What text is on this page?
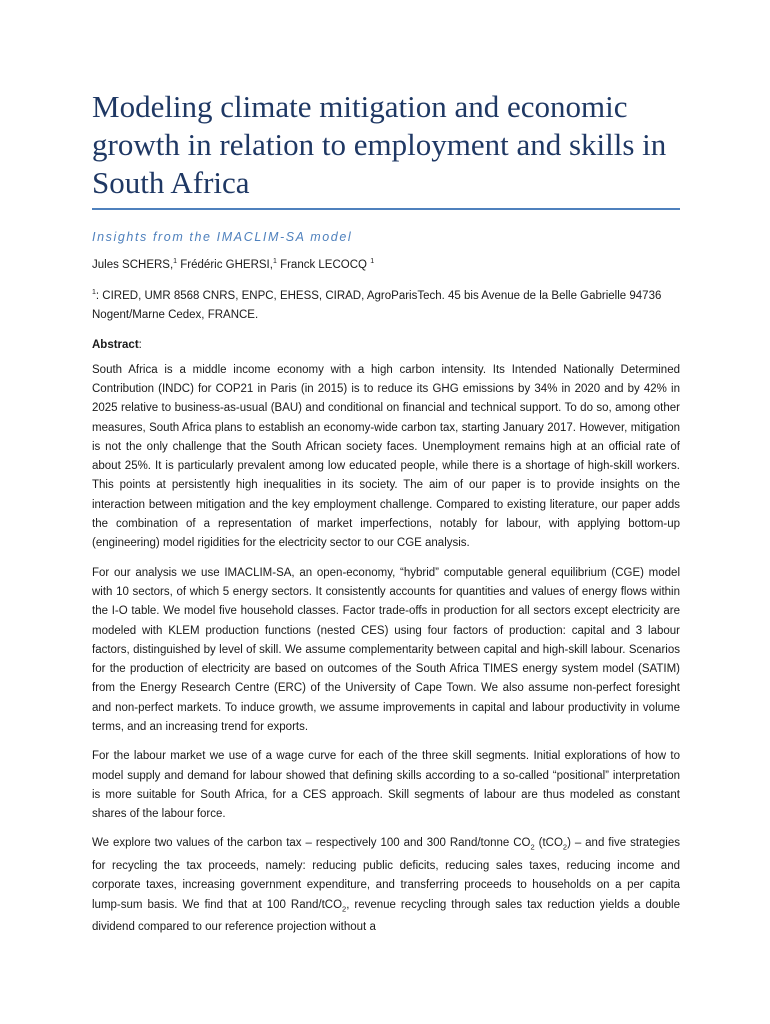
Modeling climate mitigation and economic growth in relation to employment and skills in South Africa

Insights from the IMACLIM-SA model

Jules SCHERS,$^1$ Frédéric GHERSI,$^1$ Franck LECOCQ $^1$

$^1$: CIRED, UMR 8568 CNRS, ENPC, EHESS, CIRAD, AgroParisTech. 45 bis Avenue de la Belle Gabrielle 94736 Nogent/Marne Cedex, FRANCE.

Abstract:

South Africa is a middle income economy with a high carbon intensity. Its Intended Nationally Determined Contribution (INDC) for COP21 in Paris (in 2015) is to reduce its GHG emissions by 34% in 2020 and by 42% in 2025 relative to business-as-usual (BAU) and conditional on financial and technical support. To do so, among other measures, South Africa plans to establish an economy-wide carbon tax, starting January 2017. However, mitigation is not the only challenge that the South African society faces. Unemployment remains high at an official rate of about 25%. It is particularly prevalent among low educated people, while there is a shortage of high-skill workers. This points at persistently high inequalities in its society. The aim of our paper is to provide insights on the interaction between mitigation and the key employment challenge. Compared to existing literature, our paper adds the combination of a representation of market imperfections, notably for labour, with applying bottom-up (engineering) model rigidities for the electricity sector to our CGE analysis.

For our analysis we use IMACLIM-SA, an open-economy, “hybrid” computable general equilibrium (CGE) model with 10 sectors, of which 5 energy sectors. It consistently accounts for quantities and values of energy flows within the I-O table. We model five household classes. Factor trade-offs in production for all sectors except electricity are modeled with KLEM production functions (nested CES) using four factors of production: capital and 3 labour factors, distinguished by level of skill. We assume complementarity between capital and high-skill labour. Scenarios for the production of electricity are based on outcomes of the South Africa TIMES energy system model (SATIM) from the Energy Research Centre (ERC) of the University of Cape Town. We also assume non-perfect foresight and non-perfect markets. To induce growth, we assume improvements in capital and labour productivity in volume terms, and an increasing trend for exports.

For the labour market we use of a wage curve for each of the three skill segments. Initial explorations of how to model supply and demand for labour showed that defining skills according to a so-called “positional” interpretation is more suitable for South Africa, for a CES approach. Skill segments of labour are thus modeled as constant shares of the labour force.

We explore two values of the carbon tax – respectively 100 and 300 Rand/tonne $CO_2$ (tCO$_2$) – and five strategies for recycling the tax proceeds, namely: reducing public deficits, reducing sales taxes, reducing income and corporate taxes, increasing government expenditure, and transferring proceeds to households on a per capita lump-sum basis. We find that at 100 Rand/tCO$_2$, revenue recycling through sales tax reduction yields a double dividend compared to our reference projection without a
